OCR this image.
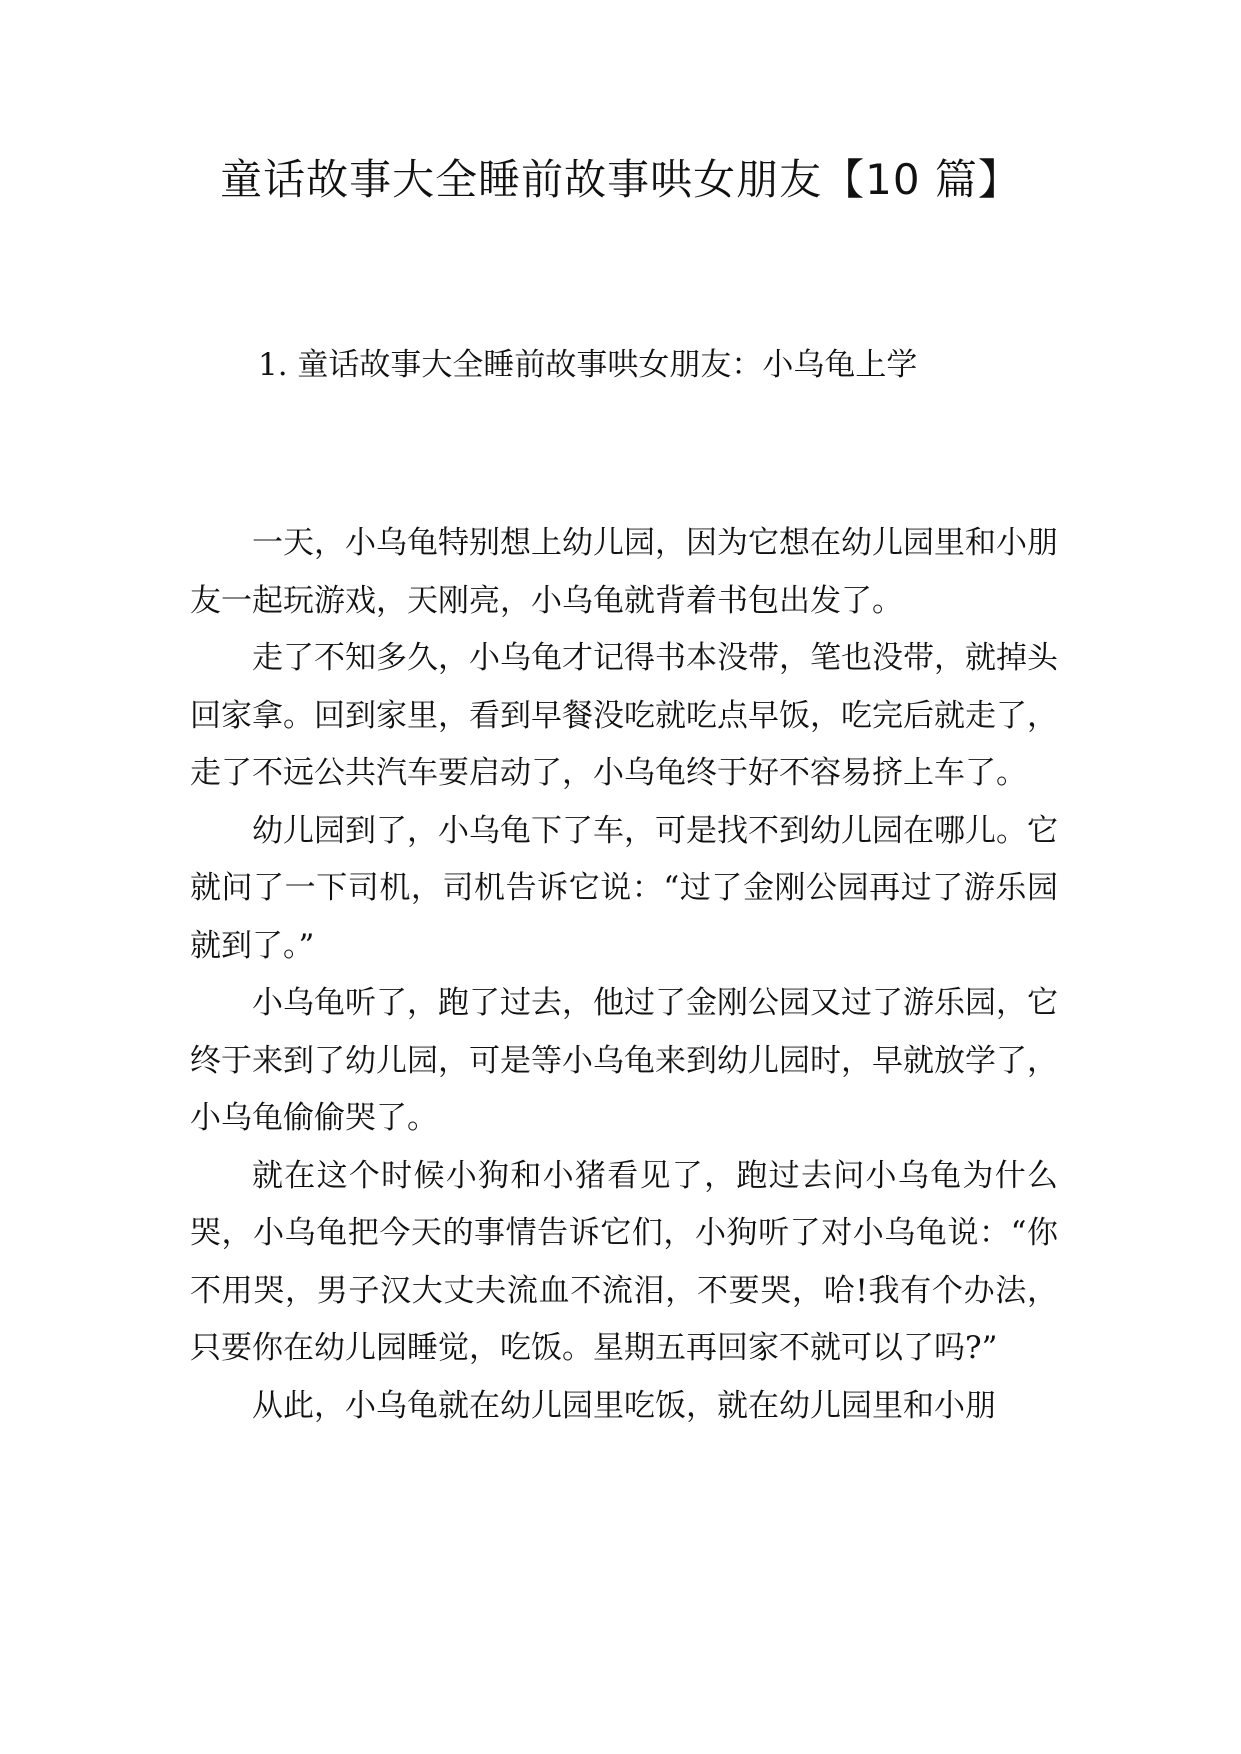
童话故事大全睡前故事哄女朋友【10 篇】
1. 童话故事大全睡前故事哄女朋友：小乌龟上学

一天，小乌龟特别想上幼儿园，因为它想在幼儿园里和小朋友一起玩游戏，天刚亮，小乌龟就背着书包出发了。

走了不知多久，小乌龟才记得书本没带，笔也没带，就掉头回家拿。回到家里，看到早餐没吃就吃点早饭，吃完后就走了，走了不远公共汽车要启动了，小乌龟终于好不容易挤上车了。

幼儿园到了，小乌龟下了车，可是找不到幼儿园在哪儿。它就问了一下司机，司机告诉它说：“过了金刚公园再过了游乐园就到了。”

小乌龟听了，跑了过去，他过了金刚公园又过了游乐园，它终于来到了幼儿园，可是等小乌龟来到幼儿园时，早就放学了，小乌龟偷偷哭了。

就在这个时候小狗和小猪看见了，跑过去问小乌龟为什么哭，小乌龟把今天的事情告诉它们，小狗听了对小乌龟说：“你不用哭，男子汉大丈夫流血不流泪，不要哭，哈!我有个办法，只要你在幼儿园睡觉，吃饭。星期五再回家不就可以了吗?”

从此，小乌龟就在幼儿园里吃饭，就在幼儿园里和小朋
